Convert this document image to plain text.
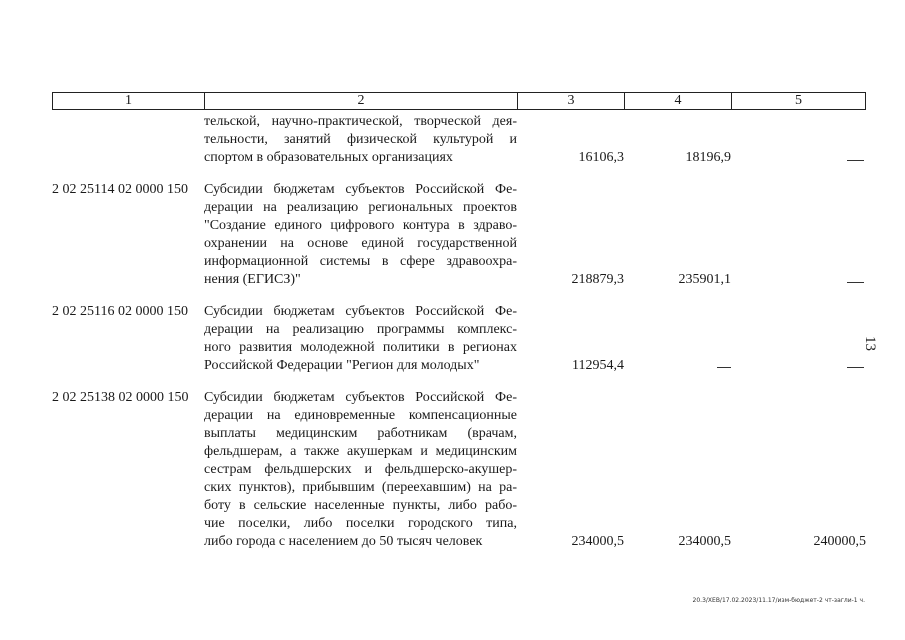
1	2	3	4	5
тельской, научно-практической, творческой дея-
тельности, занятий физической культурой и
спортом в образовательных организациях	16106,3	18196,9
2 02 25114 02 0000 150	Субсидии бюджетам субъектов Российской Фе-
дерации на реализацию региональных проектов
"Создание единого цифрового контура в здраво-
охранении на основе единой государственной
информационной системы в сфере здравоохра-
нения (ЕГИСЗ)"	218879,3	235901,1
2 02 25116 02 0000 150	Субсидии бюджетам субъектов Российской Фе-
дерации на реализацию программы комплекс-
ного развития молодежной политики в регионах
Российской Федерации "Регион для молодых"	112954,4
2 02 25138 02 0000 150	Субсидии бюджетам субъектов Российской Фе-
дерации на единовременные компенсационные
выплаты медицинским работникам (врачам,
фельдшерам, а также акушеркам и медицинским
сестрам фельдшерских и фельдшерско-акушер-
ских пунктов), прибывшим (переехавшим) на ра-
боту в сельские населенные пункты, либо рабо-
чие поселки, либо поселки городского типа,
либо города с населением до 50 тысяч человек	234000,5	234000,5	240000,5
13
20.3/ХЕВ/17.02.2023/11.17/изм-бюджет-2 чт-загли-1 ч.
